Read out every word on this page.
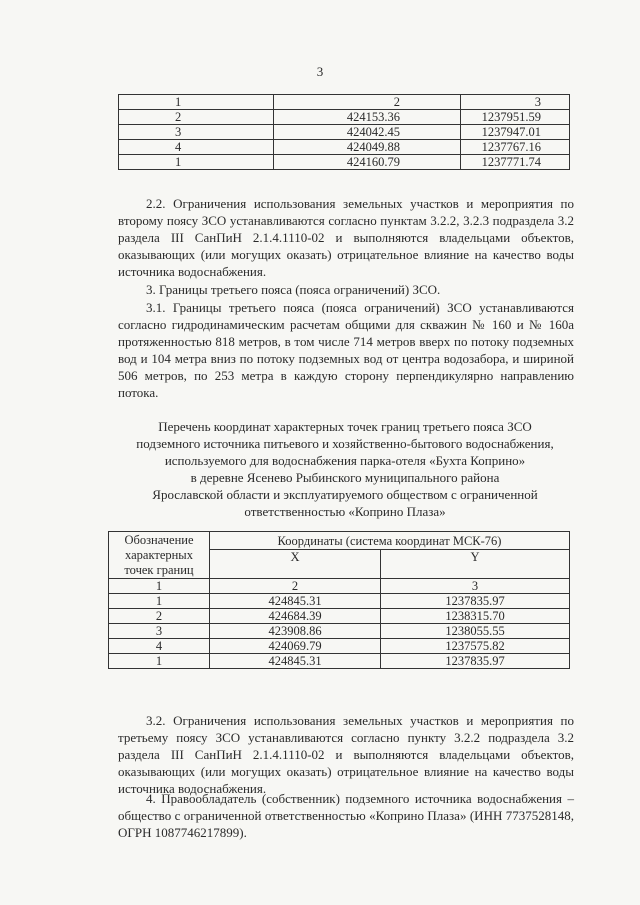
3
1	2	3
2	424153.36	1237951.59
3	424042.45	1237947.01
4	424049.88	1237767.16
1	424160.79	1237771.74
2.2. Ограничения использования земельных участков и мероприятия по второму поясу ЗСО устанавливаются согласно пунктам 3.2.2, 3.2.3 подраздела 3.2 раздела III СанПиН 2.1.4.1110-02 и выполняются владельцами объектов, оказывающих (или могущих оказать) отрицательное влияние на качество воды источника водоснабжения.
3. Границы третьего пояса (пояса ограничений) ЗСО.
3.1. Границы третьего пояса (пояса ограничений) ЗСО устанавливаются согласно гидродинамическим расчетам общими для скважин № 160 и № 160а протяженностью 818 метров, в том числе 714 метров вверх по потоку подземных вод и 104 метра вниз по потоку подземных вод от центра водозабора, и шириной 506 метров, по 253 метра в каждую сторону перпендикулярно направлению потока.
Перечень координат характерных точек границ третьего пояса ЗСО
подземного источника питьевого и хозяйственно-бытового водоснабжения,
используемого для водоснабжения парка-отеля «Бухта Коприно»
в деревне Ясенево Рыбинского муниципального района
Ярославской области и эксплуатируемого обществом с ограниченной
ответственностью «Коприно Плаза»
Обозначение характерных точек границ	Координаты (система координат МСК-76)	
	X	Y
1	2	3
1	424845.31	1237835.97
2	424684.39	1238315.70
3	423908.86	1238055.55
4	424069.79	1237575.82
1	424845.31	1237835.97
3.2. Ограничения использования земельных участков и мероприятия по третьему поясу ЗСО устанавливаются согласно пункту 3.2.2 подраздела 3.2 раздела III СанПиН 2.1.4.1110-02 и выполняются владельцами объектов, оказывающих (или могущих оказать) отрицательное влияние на качество воды источника водоснабжения.
4. Правообладатель (собственник) подземного источника водоснабжения – общество с ограниченной ответственностью «Коприно Плаза» (ИНН 7737528148, ОГРН 1087746217899).
